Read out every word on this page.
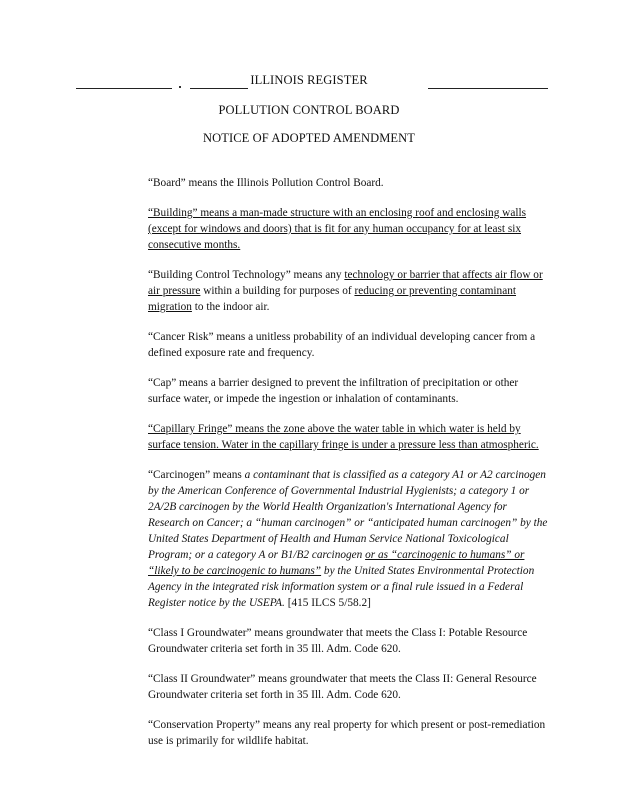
ILLINOIS REGISTER
POLLUTION CONTROL BOARD
NOTICE OF ADOPTED AMENDMENT

“Board” means the Illinois Pollution Control Board.

“Building” means a man-made structure with an enclosing roof and enclosing walls (except for windows and doors) that is fit for any human occupancy for at least six consecutive months.

“Building Control Technology” means any technology or barrier that affects air flow or air pressure within a building for purposes of reducing or preventing contaminant migration to the indoor air.

“Cancer Risk” means a unitless probability of an individual developing cancer from a defined exposure rate and frequency.

“Cap” means a barrier designed to prevent the infiltration of precipitation or other surface water, or impede the ingestion or inhalation of contaminants.

“Capillary Fringe” means the zone above the water table in which water is held by surface tension. Water in the capillary fringe is under a pressure less than atmospheric.

“Carcinogen” means a contaminant that is classified as a category A1 or A2 carcinogen by the American Conference of Governmental Industrial Hygienists; a category 1 or 2A/2B carcinogen by the World Health Organization's International Agency for Research on Cancer; a “human carcinogen” or “anticipated human carcinogen” by the United States Department of Health and Human Service National Toxicological Program; or a category A or B1/B2 carcinogen or as “carcinogenic to humans” or “likely to be carcinogenic to humans” by the United States Environmental Protection Agency in the integrated risk information system or a final rule issued in a Federal Register notice by the USEPA. [415 ILCS 5/58.2]

“Class I Groundwater” means groundwater that meets the Class I: Potable Resource Groundwater criteria set forth in 35 Ill. Adm. Code 620.

“Class II Groundwater” means groundwater that meets the Class II: General Resource Groundwater criteria set forth in 35 Ill. Adm. Code 620.

“Conservation Property” means any real property for which present or post-remediation use is primarily for wildlife habitat.
